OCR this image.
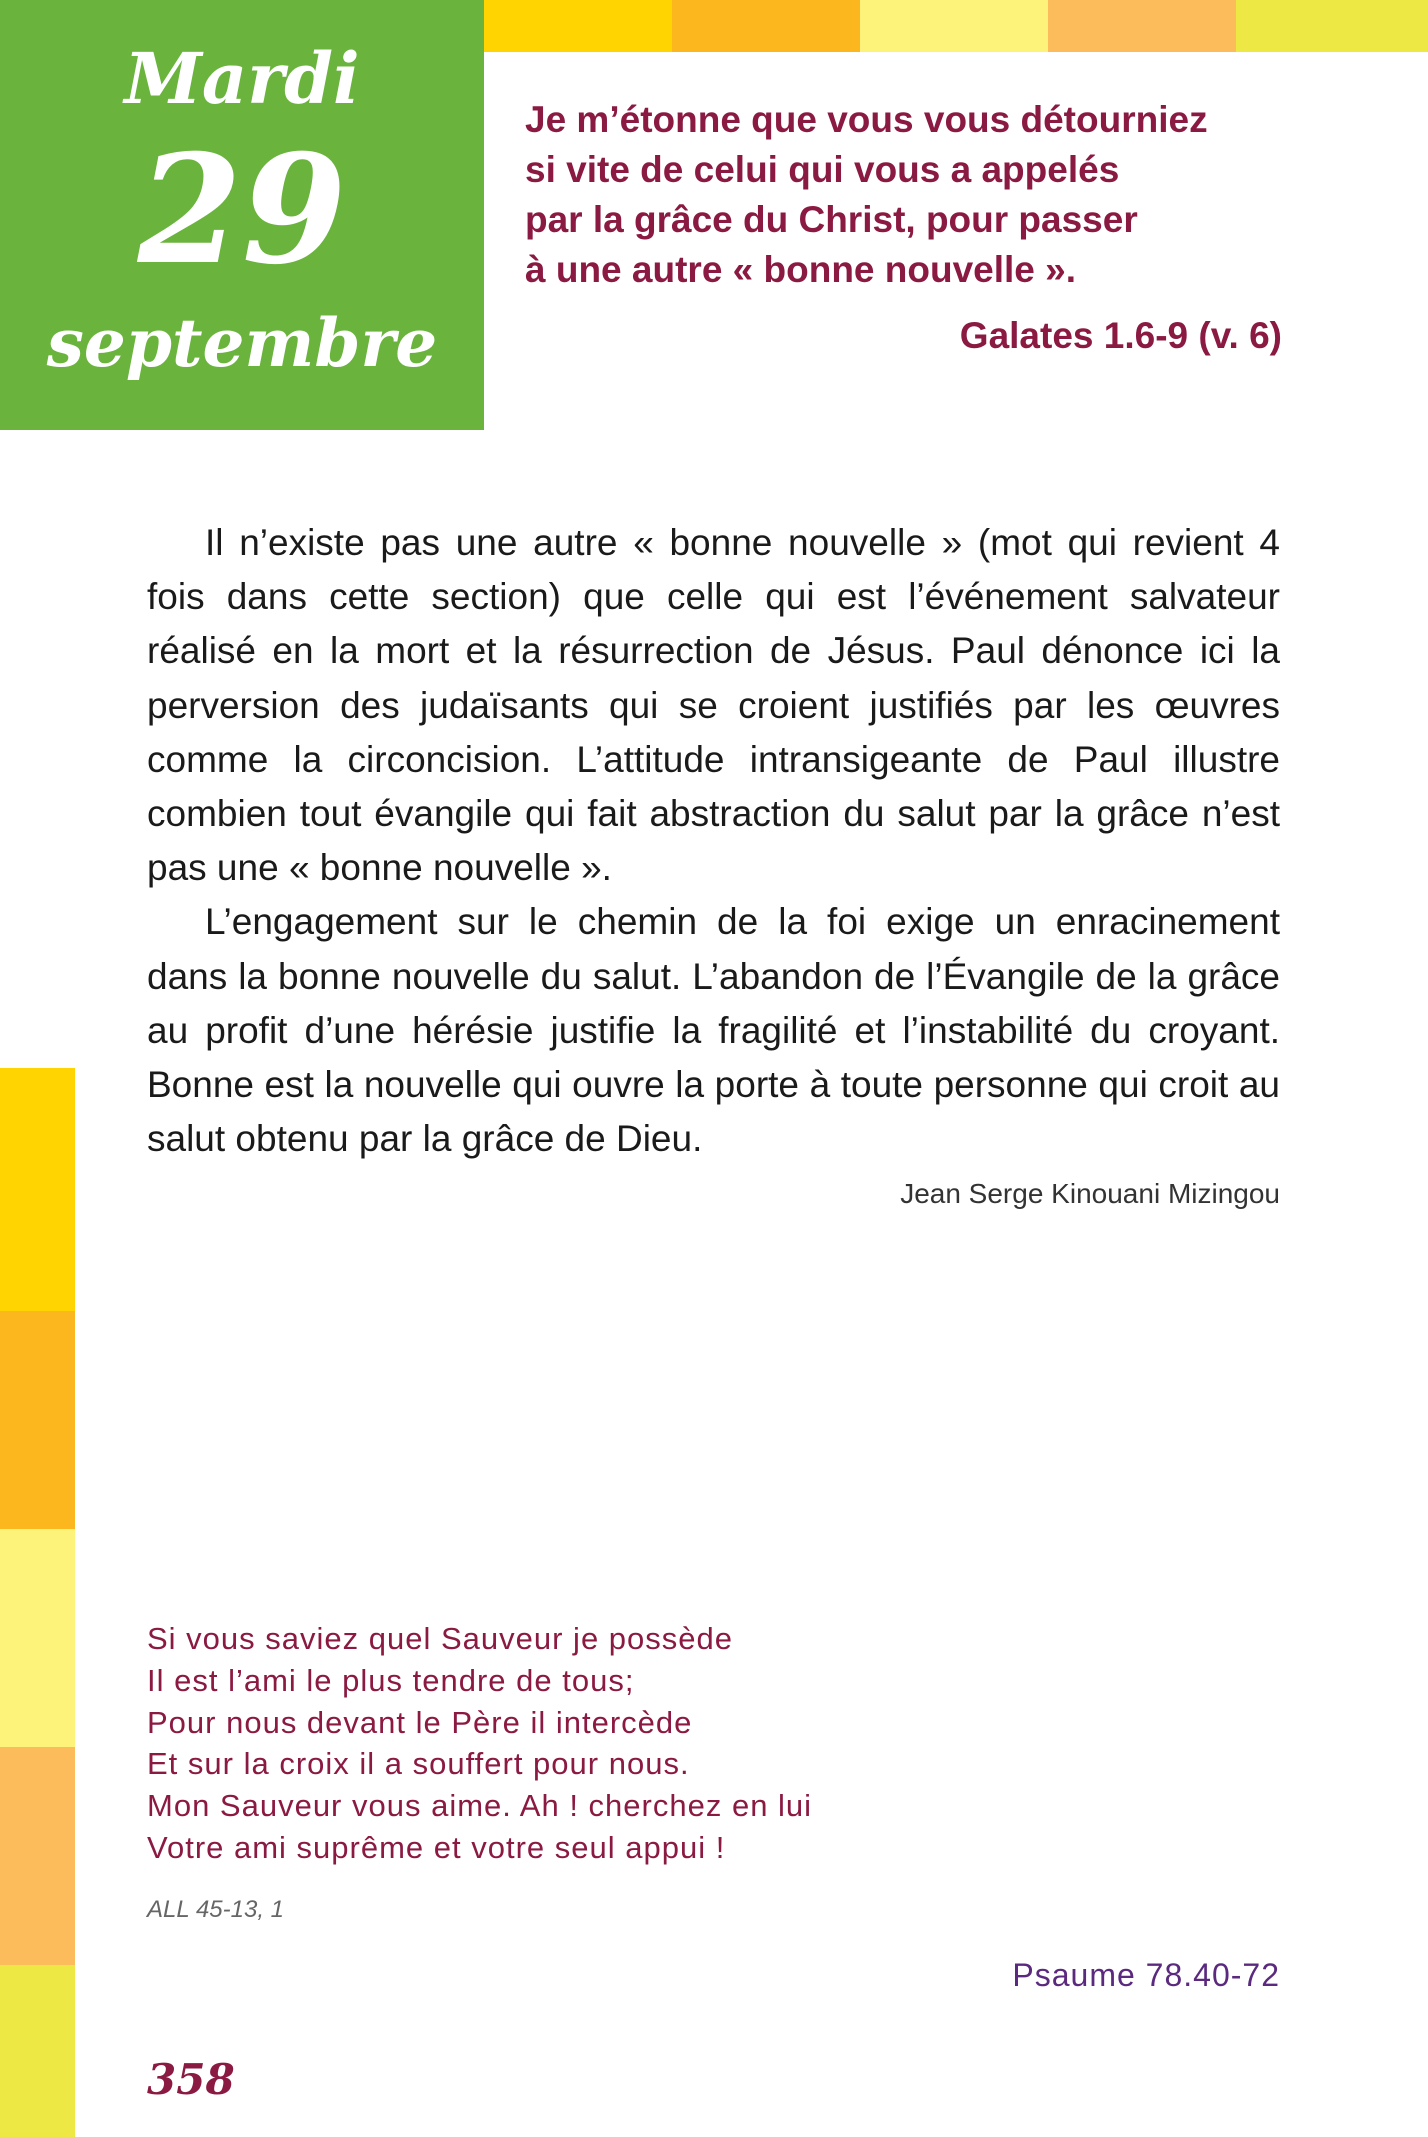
Mardi
29
septembre
Je m’étonne que vous vous détourniez
si vite de celui qui vous a appelés
par la grâce du Christ, pour passer
à une autre « bonne nouvelle ».
Galates 1.6-9 (v. 6)

Il n’existe pas une autre « bonne nouvelle » (mot qui revient 4 fois dans cette section) que celle qui est l’événement salvateur réalisé en la mort et la résurrection de Jésus. Paul dénonce ici la perversion des judaïsants qui se croient justifiés par les œuvres comme la circoncision. L’attitude intransigeante de Paul illustre combien tout évangile qui fait abstraction du salut par la grâce n’est pas une « bonne nouvelle ».

L’engagement sur le chemin de la foi exige un enracinement dans la bonne nouvelle du salut. L’abandon de l’Évangile de la grâce au profit d’une hérésie justifie la fragilité et l’instabilité du croyant. Bonne est la nouvelle qui ouvre la porte à toute personne qui croit au salut obtenu par la grâce de Dieu.

Jean Serge Kinouani Mizingou
Si vous saviez quel Sauveur je possède
Il est l’ami le plus tendre de tous;
Pour nous devant le Père il intercède
Et sur la croix il a souffert pour nous.
Mon Sauveur vous aime. Ah ! cherchez en lui
Votre ami suprême et votre seul appui !
ALL 45-13, 1
Psaume 78.40-72
358
